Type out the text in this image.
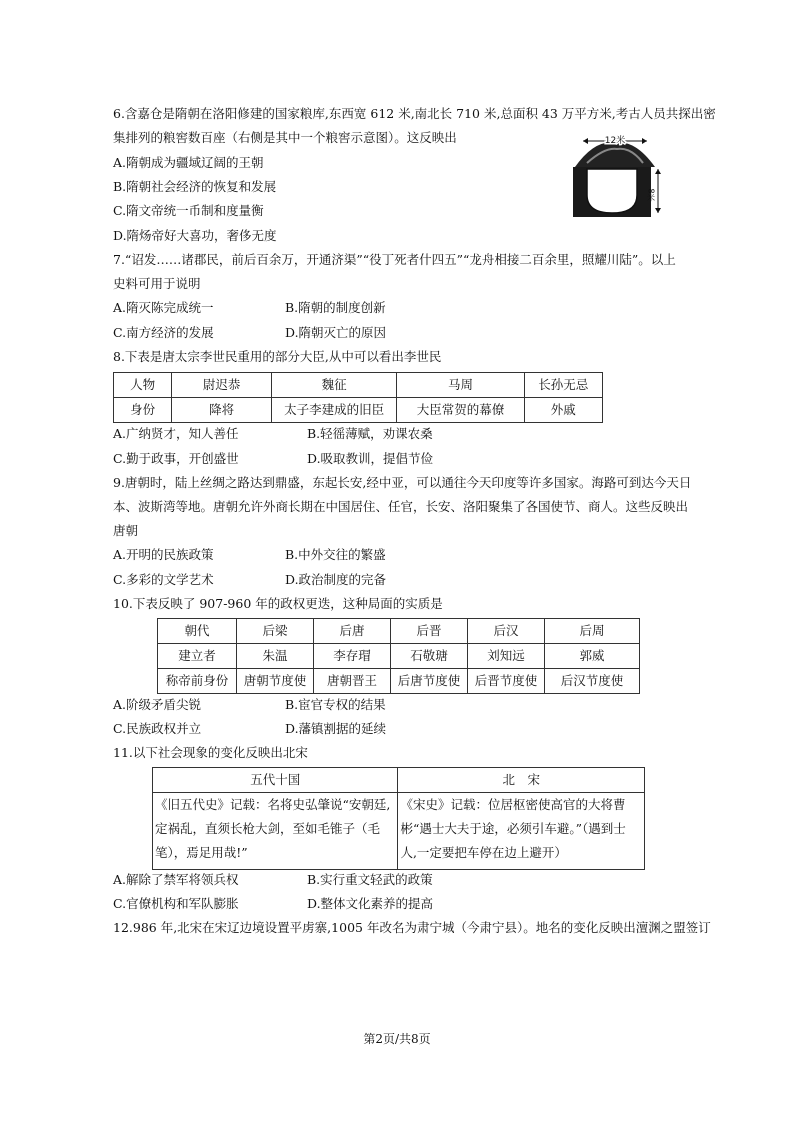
6.含嘉仓是隋朝在洛阳修建的国家粮库,东西宽 612 米,南北长 710 米,总面积 43 万平方米,考古人员共探出密
集排列的粮窖数百座（右侧是其中一个粮窖示意图）。这反映出
A.隋朝成为疆域辽阔的王朝
B.隋朝社会经济的恢复和发展
C.隋文帝统一币制和度量衡
D.隋炀帝好大喜功，奢侈无度
12米
8米
7.“诏发……诸郡民，前后百余万，开通济渠”“役丁死者什四五”“龙舟相接二百余里，照耀川陆”。以上
史料可用于说明
A.隋灭陈完成统一	B.隋朝的制度创新
C.南方经济的发展	D.隋朝灭亡的原因
8.下表是唐太宗李世民重用的部分大臣,从中可以看出李世民
人物	尉迟恭	魏征	马周	长孙无忌
身份	降将	太子李建成的旧臣	大臣常贺的幕僚	外戚
A.广纳贤才，知人善任	B.轻徭薄赋，劝课农桑
C.勤于政事，开创盛世	D.吸取教训，提倡节俭
9.唐朝时，陆上丝绸之路达到鼎盛，东起长安,经中亚，可以通往今天印度等许多国家。海路可到达今天日
本、波斯湾等地。唐朝允许外商长期在中国居住、任官，长安、洛阳聚集了各国使节、商人。这些反映出
唐朝
A.开明的民族政策	B.中外交往的繁盛
C.多彩的文学艺术	D.政治制度的完备
10.下表反映了 907-960 年的政权更迭，这种局面的实质是
朝代	后梁	后唐	后晋	后汉	后周
建立者	朱温	李存瑁	石敬瑭	刘知远	郭威
称帝前身份	唐朝节度使	唐朝晋王	后唐节度使	后晋节度使	后汉节度使
A.阶级矛盾尖锐	B.宦官专权的结果
C.民族政权并立	D.藩镇割据的延续
11.以下社会现象的变化反映出北宋
五代十国	北　宋
《旧五代史》记载：名将史弘肇说“安朝廷,定祸乱，直须长枪大剑，至如毛锥子（毛笔），焉足用哉!”	《宋史》记载：位居枢密使高官的大将曹彬“遇士大夫于途，必须引车避。”（遇到士人,一定要把车停在边上避开）
A.解除了禁军将领兵权	B.实行重文轻武的政策
C.官僚机构和军队膨胀	D.整体文化素养的提高
12.986 年,北宋在宋辽边境设置平虏寨,1005 年改名为肃宁城（今肃宁县）。地名的变化反映出澶渊之盟签订
第2页/共8页
